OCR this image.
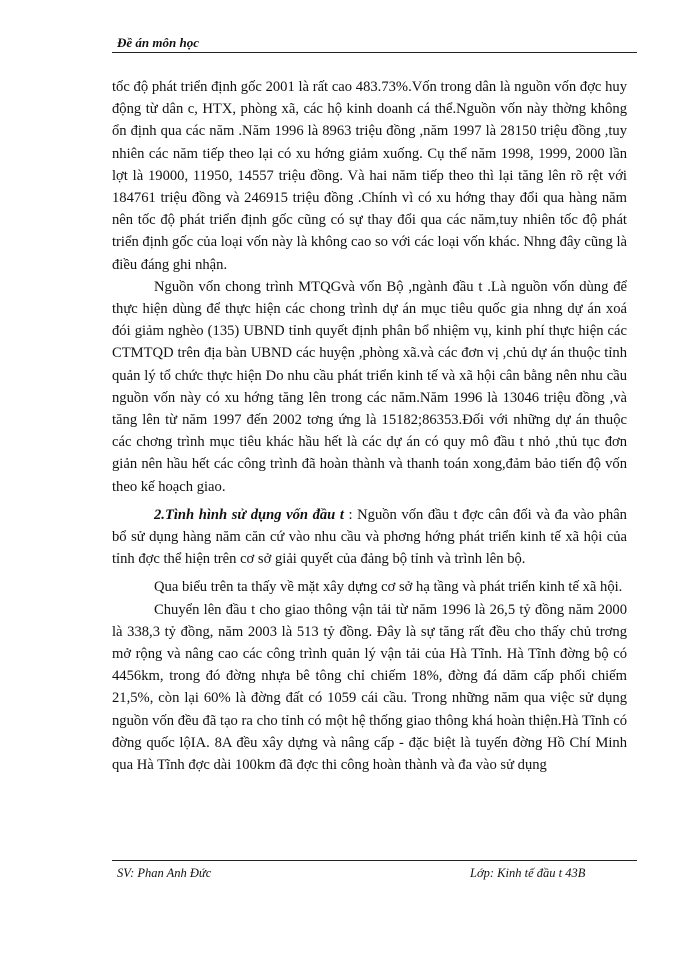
Đề án môn học

tốc độ phát triển định gốc 2001 là rất cao 483.73%.Vốn trong dân là nguồn vốn đợc huy động từ dân c, HTX, phòng xã, các hộ kinh doanh cá thể.Nguồn vốn này thờng không ổn định qua các năm .Năm 1996 là 8963 triệu đồng ,năm 1997 là 28150 triệu đồng ,tuy nhiên các năm tiếp theo lại có xu hớng giảm xuống. Cụ thể năm 1998, 1999, 2000 lần lợt là 19000, 11950, 14557 triệu đồng. Và hai năm tiếp theo thì lại tăng lên rõ rệt với 184761 triệu đồng và 246915 triệu đồng .Chính vì có xu hớng thay đổi qua hàng năm nên tốc độ phát triển định gốc cũng có sự thay đổi qua các năm,tuy nhiên tốc độ phát triển định gốc của loại vốn này là không cao so với các loại vốn khác. Nhng đây cũng là điều đáng ghi nhận.

Nguồn vốn chong trình MTQGvà vốn Bộ ,ngành đầu t .Là nguồn vốn dùng để thực hiện dùng để thực hiện các chong trình dự án mục tiêu quốc gia nhng dự án xoá đói giảm nghèo (135) UBND tỉnh quyết định phân bổ nhiệm vụ, kinh phí thực hiện các CTMTQD trên địa bàn UBND các huyện ,phòng xã.và các đơn vị ,chủ dự án thuộc tỉnh quản lý tổ chức thực hiện Do nhu cầu phát triển kinh tế và xã hội cân bằng nên nhu cầu nguồn vốn này có xu hớng tăng lên trong các năm.Năm 1996 là 13046 triệu đồng ,và tăng lên từ năm 1997 đến 2002 tơng ứng là 15182;86353.Đối với những dự án thuộc các chơng trình mục tiêu khác hầu hết là các dự án có quy mô đầu t nhỏ ,thủ tục đơn giản nên hầu hết các công trình đã hoàn thành và thanh toán xong,đảm bảo tiến độ vốn theo kế hoạch giao.

2.Tình hình sử dụng vốn đầu t : Nguồn vốn đầu t đợc cân đối và đa vào phân bổ sử dụng hàng năm căn cứ vào nhu cầu và phơng hớng phát triển kinh tế xã hội của tỉnh đợc thể hiện trên cơ sở giải quyết của đảng bộ tỉnh và trình lên bộ.

Qua biểu trên ta thấy về mặt xây dựng cơ sở hạ tầng và phát triển kinh tế xã hội.

Chuyển lên đầu t cho giao thông vận tải từ năm 1996 là 26,5 tỷ đồng năm 2000 là 338,3 tỷ đồng, năm 2003 là 513 tỷ đồng. Đây là sự tăng rất đều cho thấy chủ trơng mở rộng và nâng cao các công trình quản lý vận tải của Hà Tĩnh. Hà Tĩnh đờng bộ có 4456km, trong đó đờng nhựa bê tông chỉ chiếm 18%, đờng đá dăm cấp phối chiếm 21,5%, còn lại 60% là đờng đất có 1059 cái cầu. Trong những năm qua việc sử dụng nguồn vốn đều đã tạo ra cho tỉnh có một hệ thống giao thông khá hoàn thiện.Hà Tĩnh có đờng quốc lộIA. 8A đều xây dựng và nâng cấp - đặc biệt là tuyến đờng Hồ Chí Minh qua Hà Tĩnh đợc dài 100km đã đợc thi công hoàn thành và đa vào sử dụng

SV: Phan Anh Đức	Lớp: Kinh tế đầu t 43B
